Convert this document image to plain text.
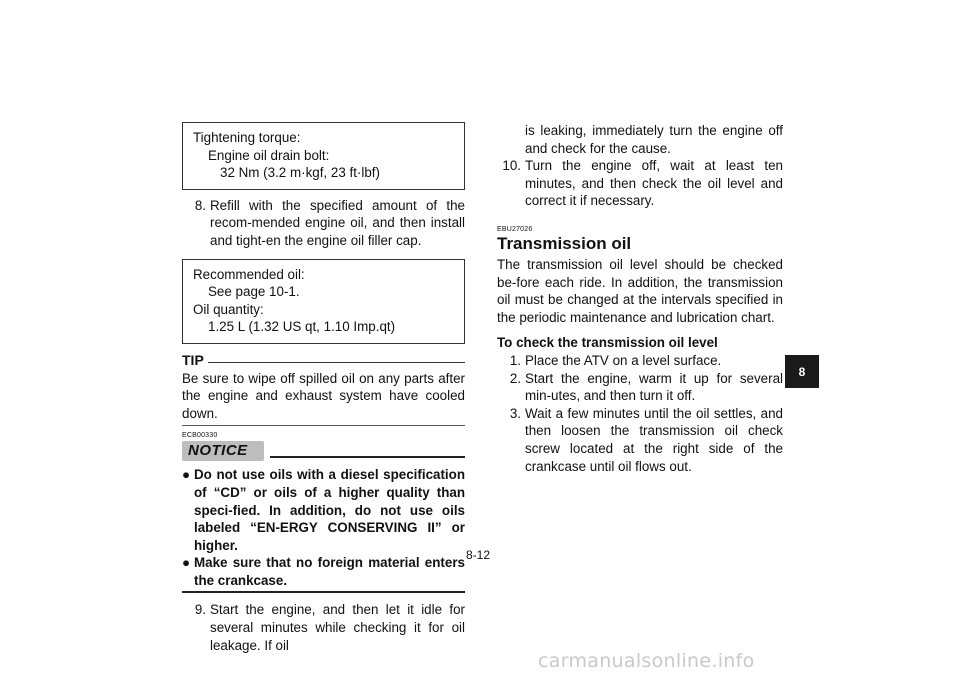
Tightening torque:
Engine oil drain bolt:
32 Nm (3.2 m·kgf, 23 ft·lbf)
8. Refill with the specified amount of the recom-mended engine oil, and then install and tight-en the engine oil filler cap.
Recommended oil:
See page 10-1.
Oil quantity:
1.25 L (1.32 US qt, 1.10 Imp.qt)
TIP
Be sure to wipe off spilled oil on any parts after the engine and exhaust system have cooled down.
ECB00330
NOTICE
● Do not use oils with a diesel specification of “CD” or oils of a higher quality than speci-fied. In addition, do not use oils labeled “EN-ERGY CONSERVING II” or higher.
● Make sure that no foreign material enters the crankcase.
9. Start the engine, and then let it idle for several minutes while checking it for oil leakage. If oil
is leaking, immediately turn the engine off and check for the cause.
10. Turn the engine off, wait at least ten minutes, and then check the oil level and correct it if necessary.
EBU27026
Transmission oil
The transmission oil level should be checked be-fore each ride. In addition, the transmission oil must be changed at the intervals specified in the periodic maintenance and lubrication chart.
To check the transmission oil level
1. Place the ATV on a level surface.
2. Start the engine, warm it up for several min-utes, and then turn it off.
3. Wait a few minutes until the oil settles, and then loosen the transmission oil check screw located at the right side of the crankcase until oil flows out.
8-12
8
carmanualsonline.info
